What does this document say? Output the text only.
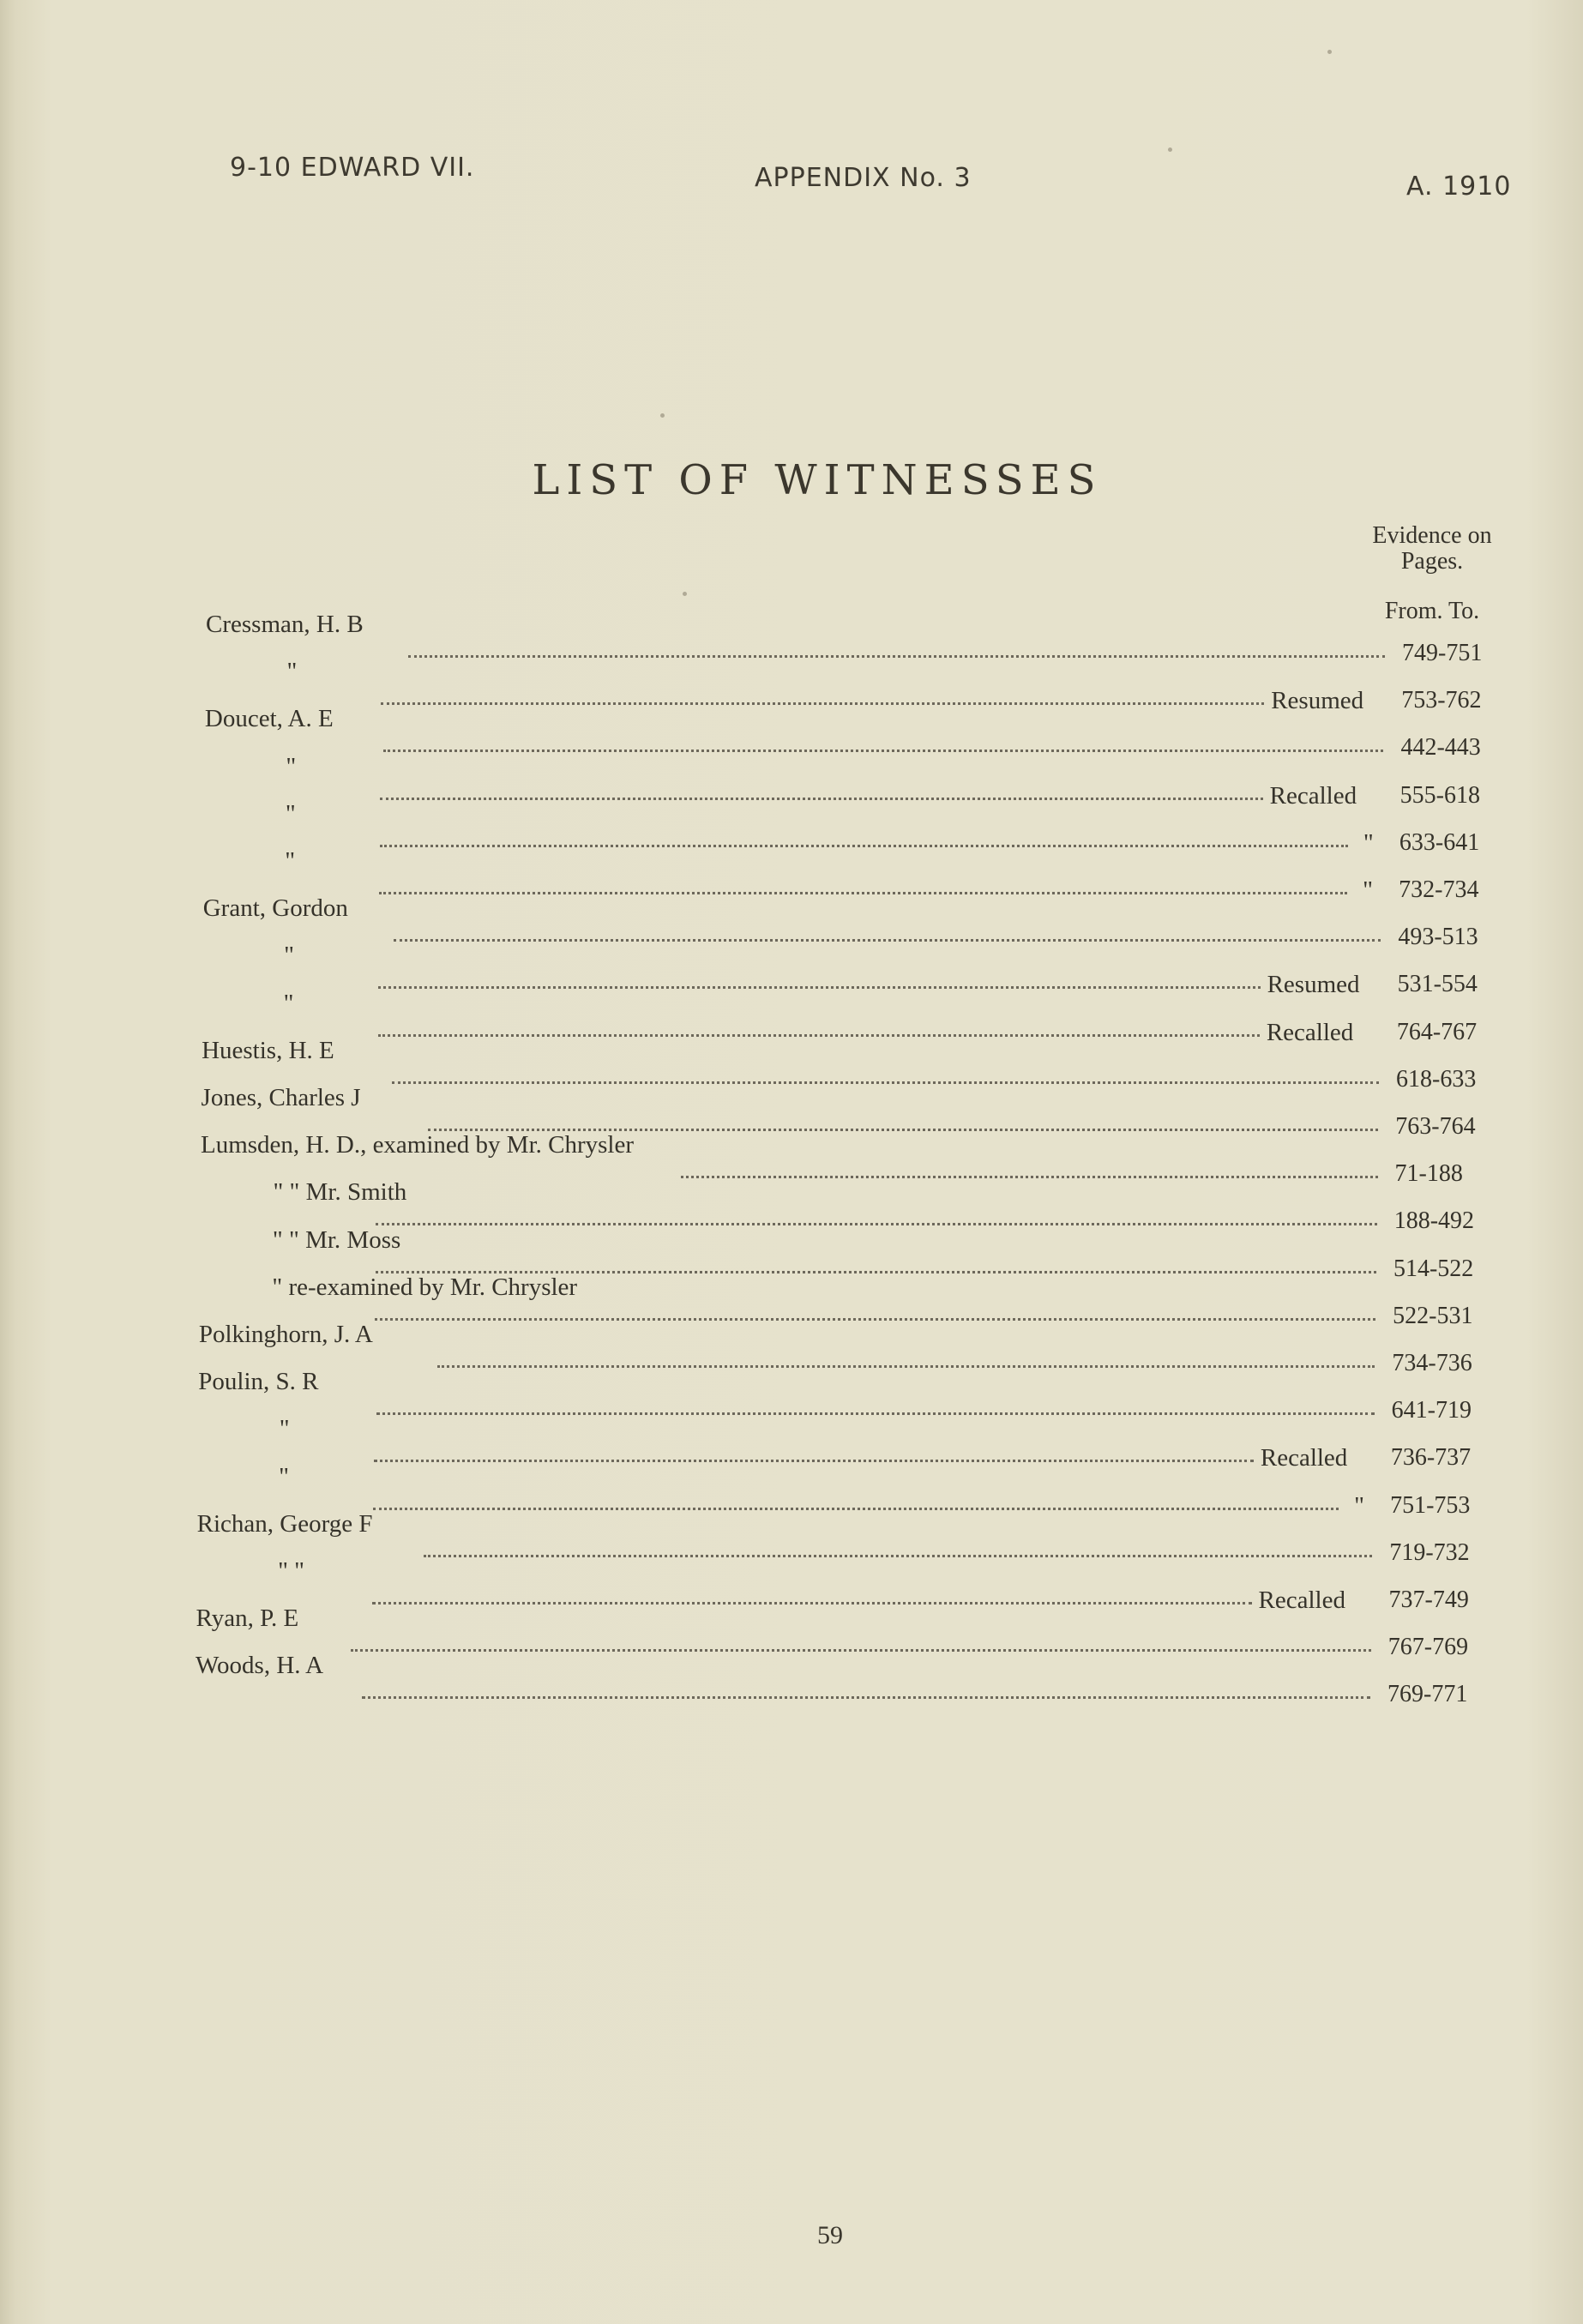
9-10 EDWARD VII.	APPENDIX No. 3	A. 1910
LIST OF WITNESSES
Evidence on
Pages.
From. To.
Cressman, H. B
749-751
"
Resumed 753-762
Doucet, A. E
442-443
"
Recalled 555-618
"
" 633-641
"
" 732-734
Grant, Gordon
493-513
"
Resumed 531-554
"
Recalled 764-767
Huestis, H. E
618-633
Jones, Charles J
763-764
Lumsden, H. D., examined by Mr. Chrysler
71-188
" " Mr. Smith
188-492
" " Mr. Moss
514-522
" re-examined by Mr. Chrysler
522-531
Polkinghorn, J. A
734-736
Poulin, S. R
641-719
"
Recalled 736-737
"
" 751-753
Richan, George F
719-732
" "
Recalled 737-749
Ryan, P. E
767-769
Woods, H. A
769-771
59
